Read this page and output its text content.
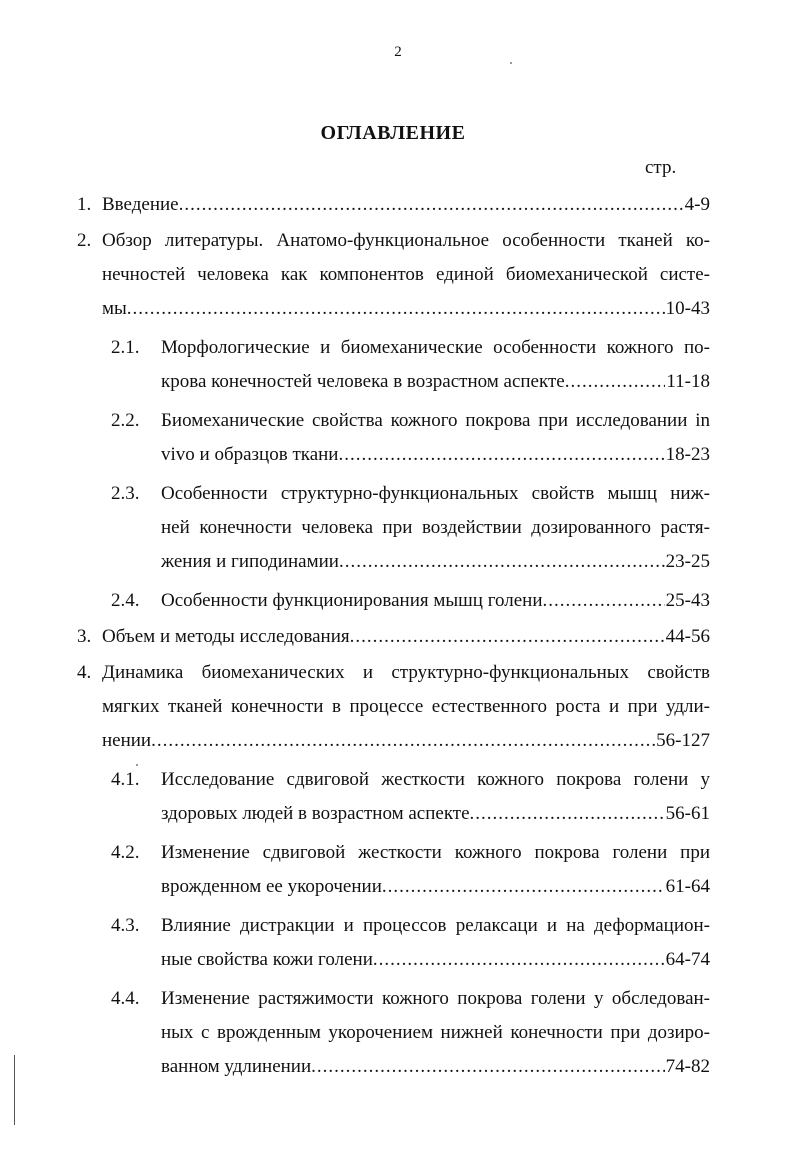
2
ОГЛАВЛЕНИЕ
стр.
1. Введение .....	4-9
2. Обзор литературы. Анатомо-функциональное особенности тканей ко-
нечностей человека как компонентов единой биомеханической систе-
мы .....	10-43
2.1. Морфологические и биомеханические особенности кожного по-
крова конечностей человека в возрастном аспекте .....	11-18
2.2. Биомеханические свойства кожного покрова при исследовании in
vivo и образцов ткани .....	18-23
2.3. Особенности структурно-функциональных свойств мышц ниж-
ней конечности человека при воздействии дозированного растя-
жения и гиподинамии .....	23-25
2.4. Особенности функционирования мышц голени .....	25-43
3. Объем и методы исследования .....	44-56
4. Динамика биомеханических и структурно-функциональных свойств
мягких тканей конечности в процессе естественного роста и при удли-
нении .....	56-127
4.1. Исследование сдвиговой жесткости кожного покрова голени у
здоровых людей в возрастном аспекте .....	56-61
4.2. Изменение сдвиговой жесткости кожного покрова голени при
врожденном ее укорочении .....	61-64
4.3. Влияние дистракции и процессов релаксаци и на деформацион-
ные свойства кожи голени .....	64-74
4.4. Изменение растяжимости кожного покрова голени у обследован-
ных с врожденным укорочением нижней конечности при дозиро-
ванном удлинении .....	74-82
